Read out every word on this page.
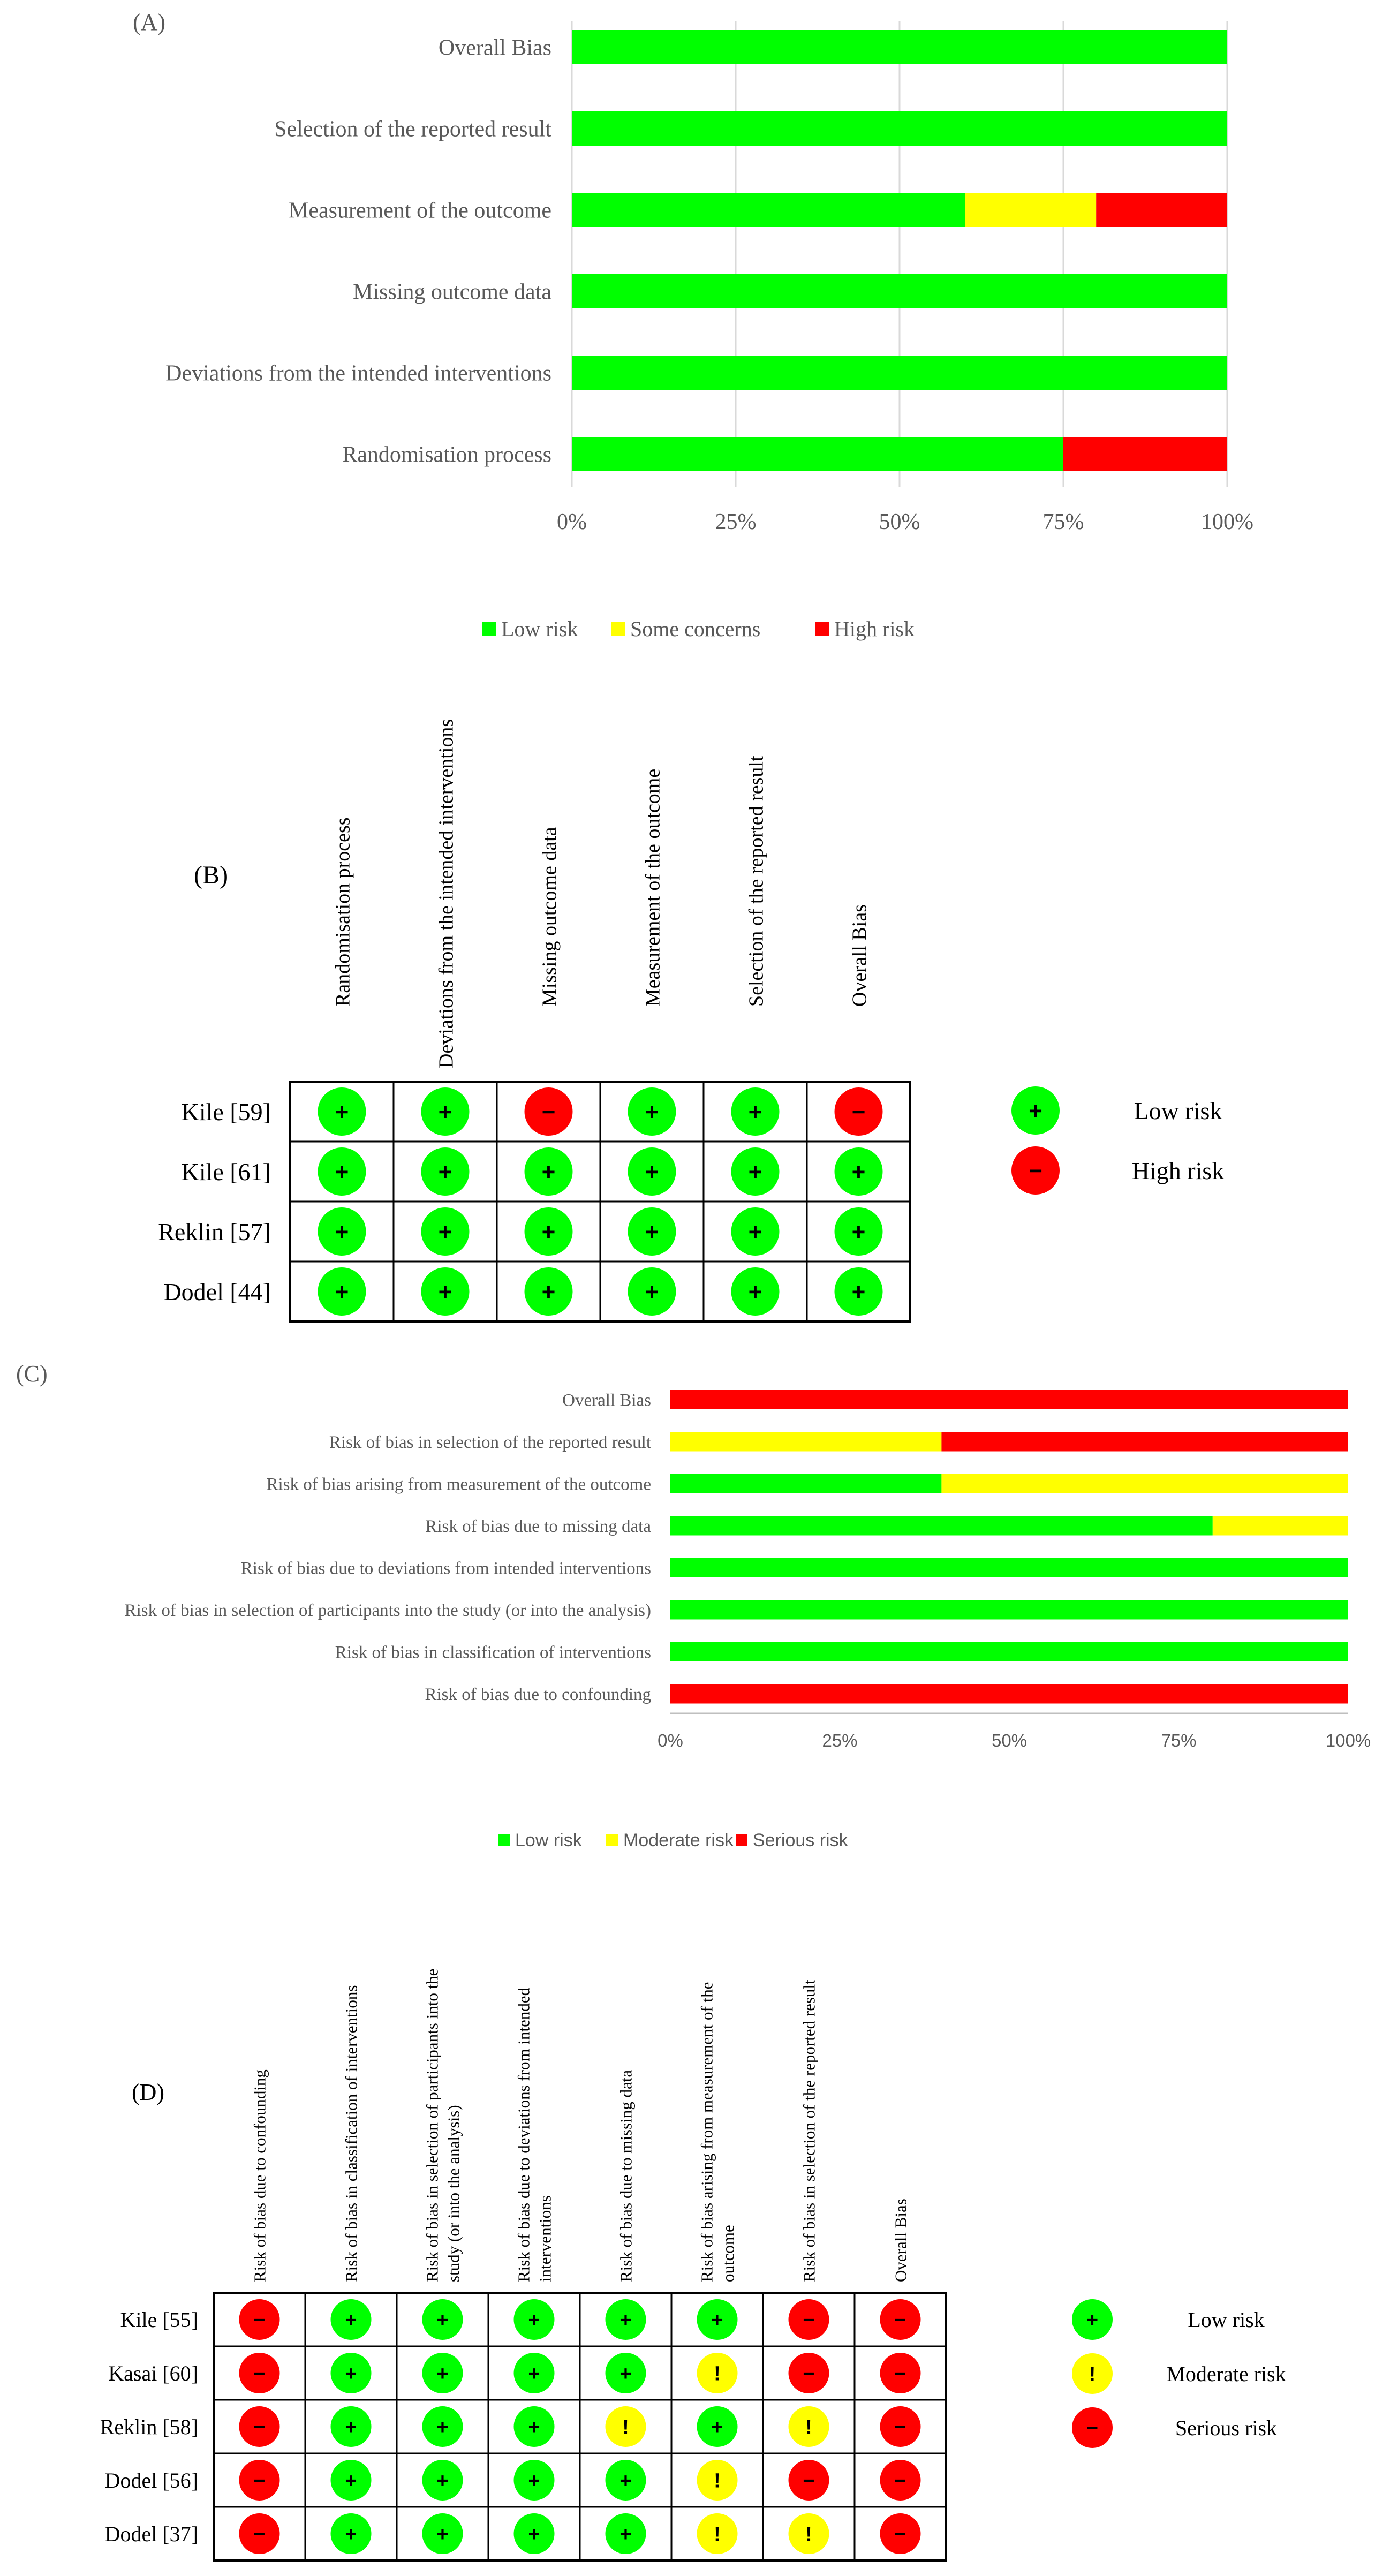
(A)
Overall Bias
Selection of the reported result
Measurement of the outcome
Missing outcome data
Deviations from the intended interventions
Randomisation process
0%	25%	50%	75%	100%
Low risk Some concerns	High risk
(B)
Kile [59]	+	+	−	+	+	−
Kile [61]	+	+	+	+	+	+
Reklin [57]	+	+	+	+	+	+
Dodel [44]	+	+	+	+	+	+
+	Low risk
−	High risk
Randomisation process	Deviations from the intended interventions	Missing outcome data	Measurement of the outcome	Selection of the reported result	Overall Bias
(C)
Overall Bias
Risk of bias in selection of the reported result
Risk of bias arising from measurement of the outcome
Risk of bias due to missing data
Risk of bias due to deviations from intended interventions
Risk of bias in selection of participants into the study (or into the analysis)
Risk of bias in classification of interventions
Risk of bias due to confounding
0%	25%	50%	75%	100%
Low risk Moderate risk Serious risk
(D)
Kile [55]	−	+	+	+	+	+	−	−
Kasai [60]	−	+	+	+	+	!	−	−
Reklin [58]	−	+	+	+	!	+	!	−
Dodel [56]	−	+	+	+	+	!	−	−
Dodel [37]	−	+	+	+	+	!	!	−
+	Low risk
!	Moderate risk
−	Serious risk
Risk of bias due to confounding	Risk of bias in classification of interventions	Risk of bias in selection of participants into the study (or into the analysis)	Risk of bias due to deviations from intended interventions	Risk of bias due to missing data	Risk of bias arising from measurement of the outcome	Risk of bias in selection of the reported result	Overall Bias
